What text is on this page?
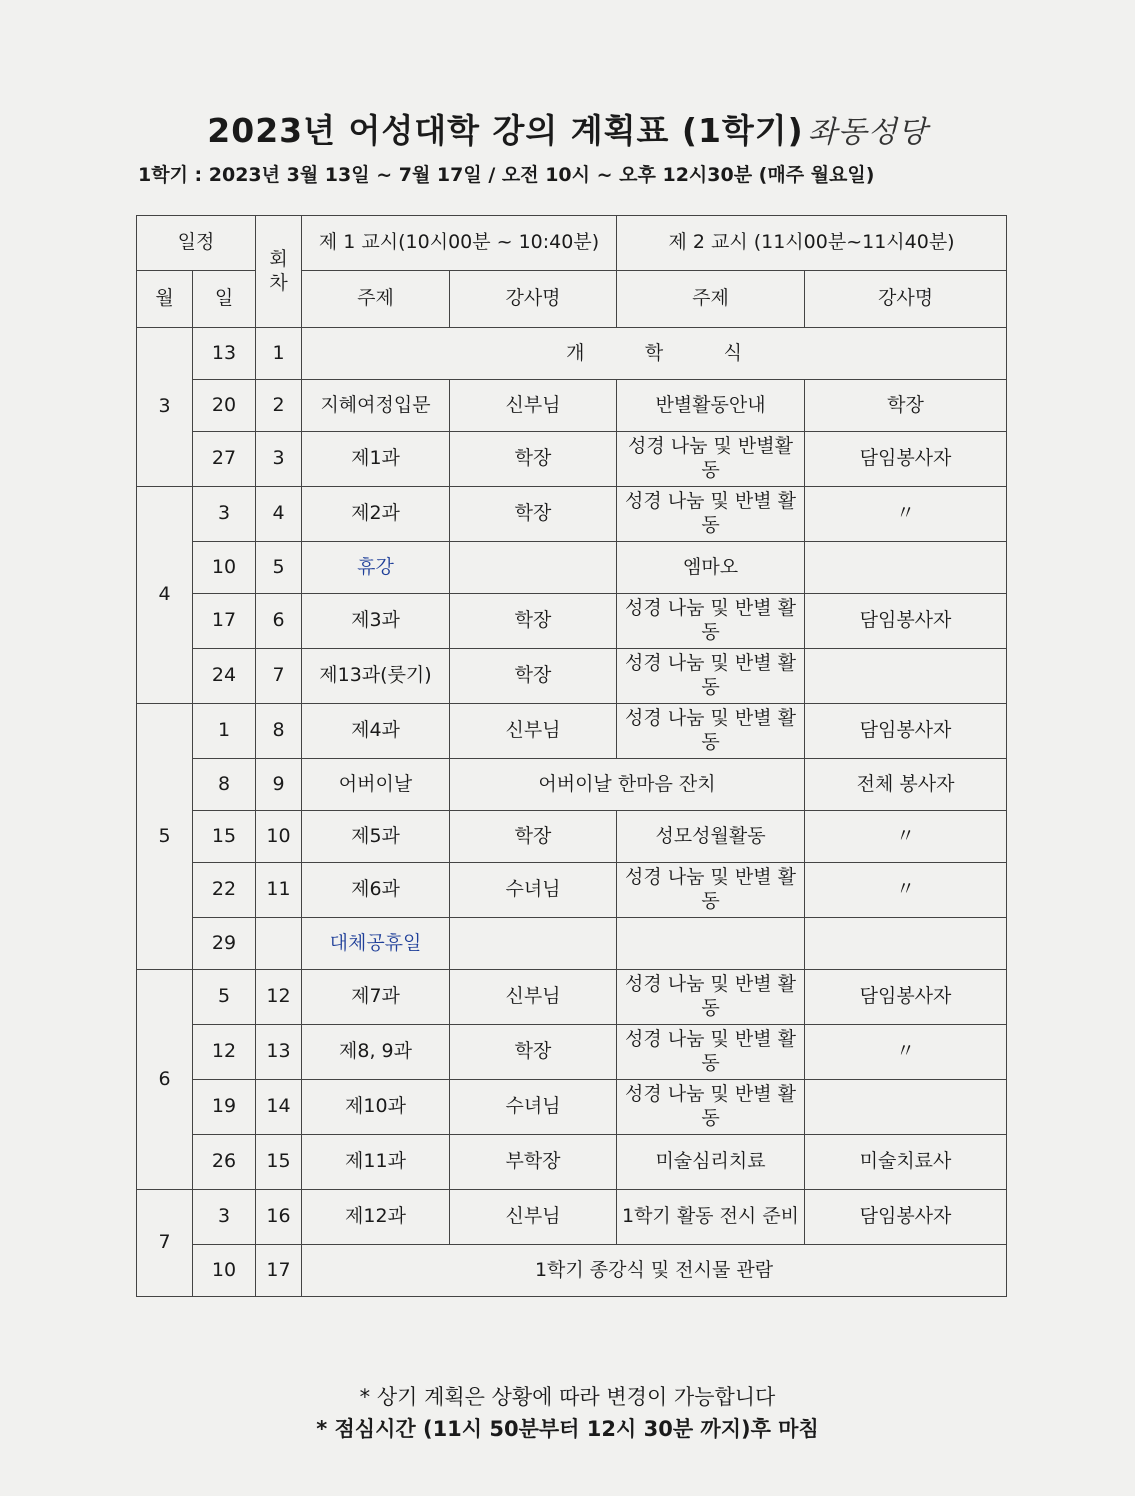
2023년 어성대학 강의 계획표 (1학기) 좌동성당
1학기 : 2023년 3월 13일 ~ 7월 17일 / 오전 10시 ~ 오후 12시30분 (매주 월요일)
일정		회 차	제 1 교시(10시00분 ~ 10:40분)		제 2 교시 (11시00분~11시40분)	
월	일		주제	강사명	주제	강사명
3	13	1	개          학          식			
	20	2	지혜여정입문	신부님	반별활동안내	학장
	27	3	제1과	학장	성경 나눔 및 반별활동	담임봉사자
4	3	4	제2과	학장	성경 나눔 및 반별 활동	〃
	10	5	휴강		엠마오	
	17	6	제3과	학장	성경 나눔 및 반별 활동	담임봉사자
	24	7	제13과(룻기)	학장	성경 나눔 및 반별 활동	
5	1	8	제4과	신부님	성경 나눔 및 반별 활동	담임봉사자
	8	9	어버이날	어버이날 한마음 잔치		전체 봉사자
	15	10	제5과	학장	성모성월활동	〃
	22	11	제6과	수녀님	성경 나눔 및 반별 활동	〃
	29		대체공휴일			
6	5	12	제7과	신부님	성경 나눔 및 반별 활동	담임봉사자
	12	13	제8, 9과	학장	성경 나눔 및 반별 활동	〃
	19	14	제10과	수녀님	성경 나눔 및 반별 활동	
	26	15	제11과	부학장	미술심리치료	미술치료사
7	3	16	제12과	신부님	1학기 활동 전시 준비	담임봉사자
	10	17	1학기 종강식 및 전시물 관람			
* 상기 계획은 상황에 따라 변경이 가능합니다
* 점심시간 (11시 50분부터 12시 30분 까지)후 마침
